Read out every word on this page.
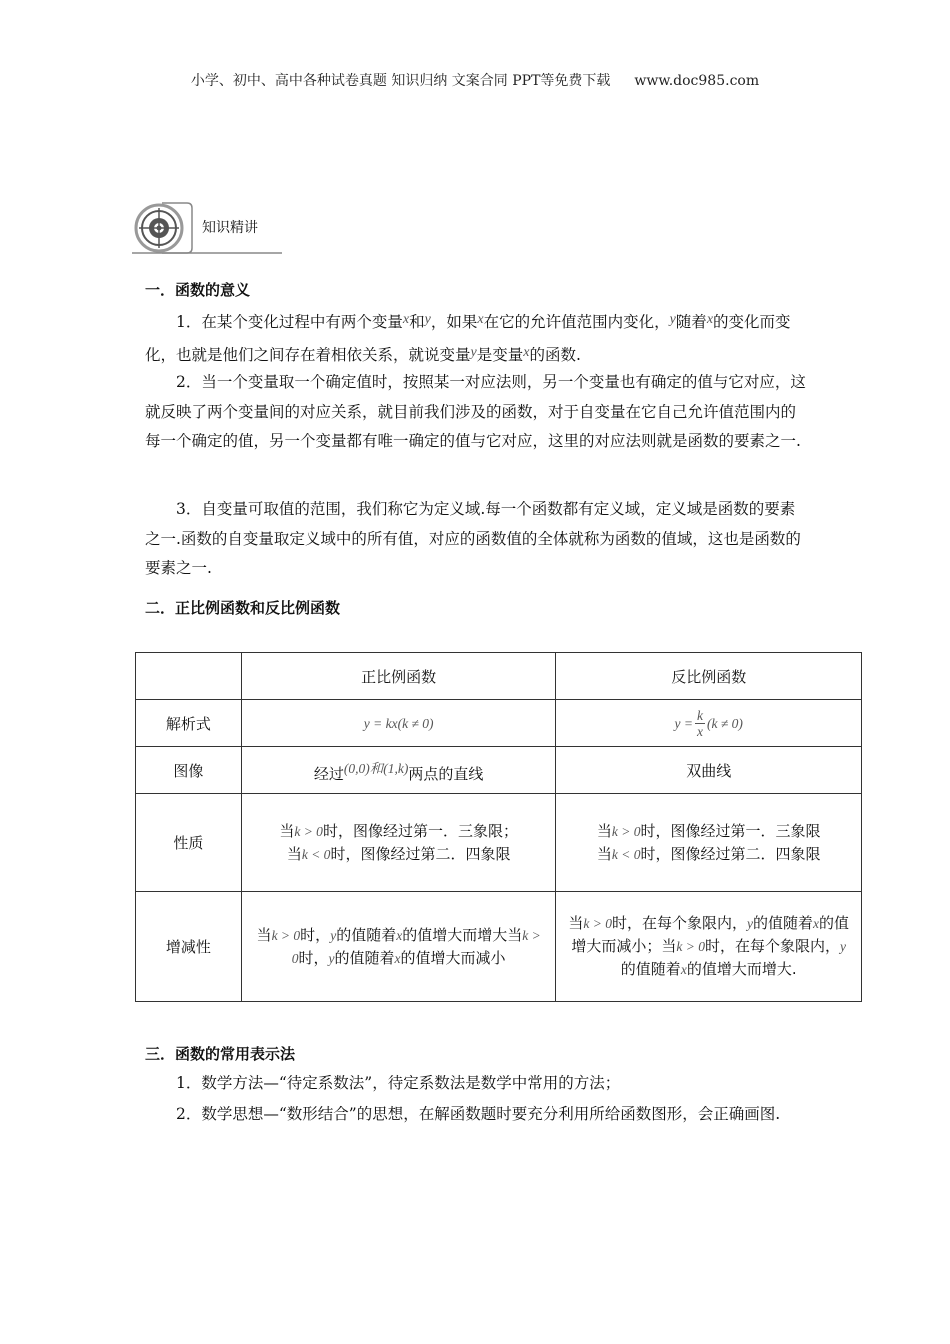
小学、初中、高中各种试卷真题 知识归纳 文案合同 PPT等免费下载 www.doc985.com
知识精讲
一．函数的意义

1．在某个变化过程中有两个变量x和y，如果x在它的允许值范围内变化，y随着x的变化而变化，也就是他们之间存在着相依关系，就说变量y是变量x的函数.

2．当一个变量取一个确定值时，按照某一对应法则，另一个变量也有确定的值与它对应，这就反映了两个变量间的对应关系，就目前我们涉及的函数，对于自变量在它自己允许值范围内的每一个确定的值，另一个变量都有唯一确定的值与它对应，这里的对应法则就是函数的要素之一.

3．自变量可取值的范围，我们称它为定义域.每一个函数都有定义域，定义域是函数的要素之一.函数的自变量取定义域中的所有值，对应的函数值的全体就称为函数的值域，这也是函数的要素之一.

二．正比例函数和反比例函数
	正比例函数	反比例函数
解析式	y = kx(k ≠ 0)	$y = \frac{k}{x} (k \ne 0)$
图像	经过(0,0)和(1,k)两点的直线	双曲线
性质	当k > 0时，图像经过第一．三象限；
当k < 0时，图像经过第二．四象限	当k > 0时，图像经过第一．三象限
当k < 0时，图像经过第二．四象限
增减性	当k > 0时，y的值随着x的值增大而增大当k > 0时，y的值随着x的值增大而减小	当k > 0时，在每个象限内，y的值随着x的值增大而减小；当k > 0时，在每个象限内，y的值随着x的值增大而增大.
三．函数的常用表示法

1．数学方法—“待定系数法”，待定系数法是数学中常用的方法；

2．数学思想—“数形结合”的思想，在解函数题时要充分利用所给函数图形，会正确画图.
